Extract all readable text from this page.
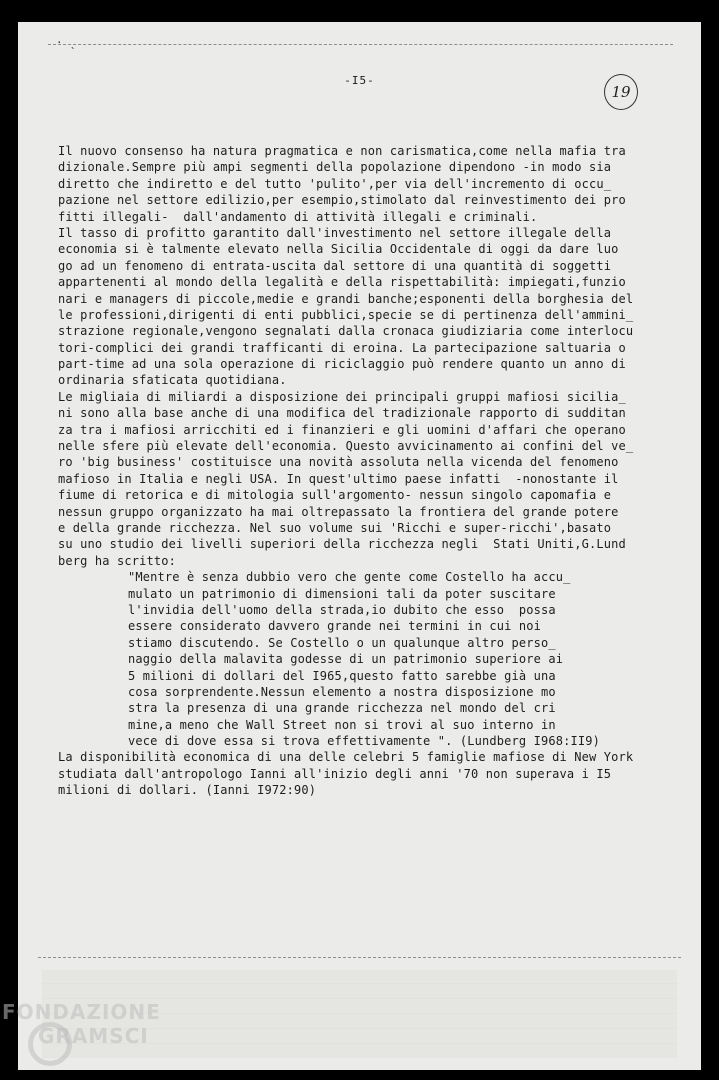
· ˎ
-I5-
19
Il nuovo consenso ha natura pragmatica e non carismatica,come nella mafia tra
dizionale.Sempre più ampi segmenti della popolazione dipendono -in modo sia
diretto che indiretto e del tutto 'pulito',per via dell'incremento di occu_
pazione nel settore edilizio,per esempio,stimolato dal reinvestimento dei pro
fitti illegali-  dall'andamento di attività illegali e criminali.
Il tasso di profitto garantito dall'investimento nel settore illegale della
economia si è talmente elevato nella Sicilia Occidentale di oggi da dare luo
go ad un fenomeno di entrata-uscita dal settore di una quantità di soggetti
appartenenti al mondo della legalità e della rispettabilità: impiegati,funzio
nari e managers di piccole,medie e grandi banche;esponenti della borghesia del
le professioni,dirigenti di enti pubblici,specie se di pertinenza dell'ammini_
strazione regionale,vengono segnalati dalla cronaca giudiziaria come interlocu
tori-complici dei grandi trafficanti di eroina. La partecipazione saltuaria o
part-time ad una sola operazione di riciclaggio può rendere quanto un anno di
ordinaria sfaticata quotidiana.
Le migliaia di miliardi a disposizione dei principali gruppi mafiosi sicilia_
ni sono alla base anche di una modifica del tradizionale rapporto di sudditan
za tra i mafiosi arricchiti ed i finanzieri e gli uomini d'affari che operano
nelle sfere più elevate dell'economia. Questo avvicinamento ai confini del ve_
ro 'big business' costituisce una novità assoluta nella vicenda del fenomeno
mafioso in Italia e negli USA. In quest'ultimo paese infatti  -nonostante il
fiume di retorica e di mitologia sull'argomento- nessun singolo capomafia e
nessun gruppo organizzato ha mai oltrepassato la frontiera del grande potere
e della grande ricchezza. Nel suo volume sui 'Ricchi e super-ricchi',basato
su uno studio dei livelli superiori della ricchezza negli  Stati Uniti,G.Lund
berg ha scritto:
"Mentre è senza dubbio vero che gente come Costello ha accu_
mulato un patrimonio di dimensioni tali da poter suscitare
l'invidia dell'uomo della strada,io dubito che esso  possa
essere considerato davvero grande nei termini in cui noi
stiamo discutendo. Se Costello o un qualunque altro perso_
naggio della malavita godesse di un patrimonio superiore ai
5 milioni di dollari del I965,questo fatto sarebbe già una
cosa sorprendente.Nessun elemento a nostra disposizione mo
stra la presenza di una grande ricchezza nel mondo del cri
mine,a meno che Wall Street non si trovi al suo interno in
vece di dove essa si trova effettivamente ". (Lundberg I968:II9)
La disponibilità economica di una delle celebri 5 famiglie mafiose di New York
studiata dall'antropologo Ianni all'inizio degli anni '70 non superava i I5
milioni di dollari. (Ianni I972:90)
FONDAZIONE
GRAMSCI
